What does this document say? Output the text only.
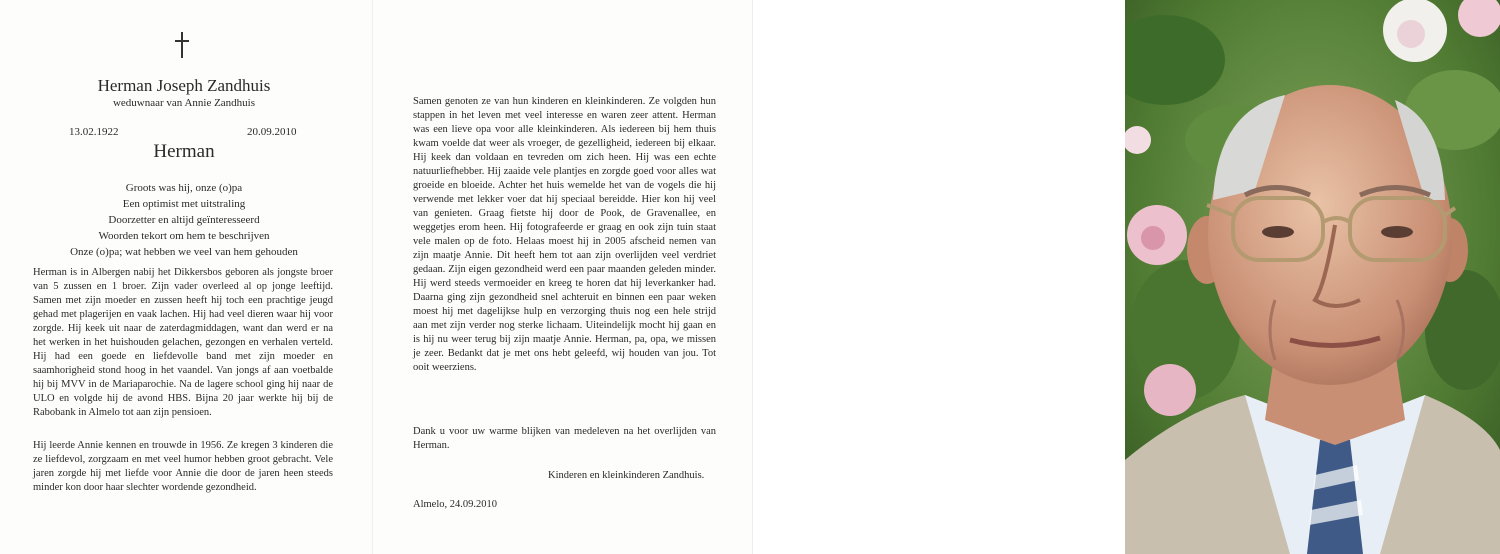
Herman Joseph Zandhuis
weduwnaar van Annie Zandhuis
13.02.1922	20.09.2010
Herman
Groots was hij, onze (o)pa
Een optimist met uitstraling
Doorzetter en altijd geïnteresseerd
Woorden tekort om hem te beschrijven
Onze (o)pa; wat hebben we veel van hem gehouden
Herman is in Albergen nabij het Dikkersbos geboren als jongste broer van 5 zussen en 1 broer. Zijn vader overleed al op jonge leeftijd. Samen met zijn moeder en zussen heeft hij toch een prachtige jeugd gehad met plagerijen en vaak lachen. Hij had veel dieren waar hij voor zorgde. Hij keek uit naar de zaterdagmiddagen, want dan werd er na het werken in het huishouden gelachen, gezongen en verhalen verteld. Hij had een goede en liefdevolle band met zijn moeder en saamhorigheid stond hoog in het vaandel. Van jongs af aan voetbalde hij bij MVV in de Mariaparochie. Na de lagere school ging hij naar de ULO en volgde hij de avond HBS. Bijna 20 jaar werkte hij bij de Rabobank in Almelo tot aan zijn pensioen.
Hij leerde Annie kennen en trouwde in 1956. Ze kregen 3 kinderen die ze liefdevol, zorgzaam en met veel humor hebben groot gebracht. Vele jaren zorgde hij met liefde voor Annie die door de jaren heen steeds minder kon door haar slechter wordende gezondheid.
Samen genoten ze van hun kinderen en kleinkinderen. Ze volgden hun stappen in het leven met veel interesse en waren zeer attent. Herman was een lieve opa voor alle kleinkinderen. Als iedereen bij hem thuis kwam voelde dat weer als vroeger, de gezelligheid, iedereen bij elkaar. Hij keek dan voldaan en tevreden om zich heen. Hij was een echte natuurliefhebber. Hij zaaide vele plantjes en zorgde goed voor alles wat groeide en bloeide. Achter het huis wemelde het van de vogels die hij verwende met lekker voer dat hij speciaal bereidde. Hier kon hij veel van genieten. Graag fietste hij door de Pook, de Gravenallee, en weggetjes erom heen. Hij fotografeerde er graag en ook zijn tuin staat vele malen op de foto. Helaas moest hij in 2005 afscheid nemen van zijn maatje Annie. Dit heeft hem tot aan zijn overlijden veel verdriet gedaan. Zijn eigen gezondheid werd een paar maanden geleden minder. Hij werd steeds vermoeider en kreeg te horen dat hij leverkanker had. Daarna ging zijn gezondheid snel achteruit en binnen een paar weken moest hij met dagelijkse hulp en verzorging thuis nog een hele strijd aan met zijn verder nog sterke lichaam. Uiteindelijk mocht hij gaan en is hij nu weer terug bij zijn maatje Annie. Herman, pa, opa, we missen je zeer. Bedankt dat je met ons hebt geleefd, wij houden van jou. Tot ooit weerziens.
Dank u voor uw warme blijken van medeleven na het overlijden van Herman.
Kinderen en kleinkinderen Zandhuis.
Almelo, 24.09.2010
